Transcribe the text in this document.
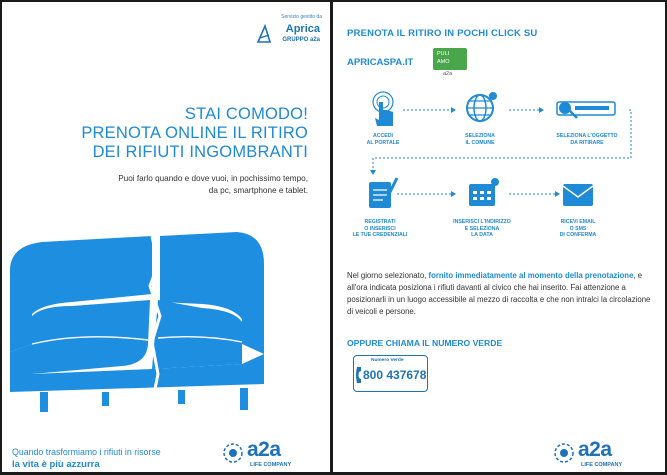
Servizio gestito da
Aprica
GRUPPO a2a
STAI COMODO!
PRENOTA ONLINE IL RITIRO
DEI RIFIUTI INGOMBRANTI
Puoi farlo quando e dove vuoi, in pochissimo tempo,
da pc, smartphone e tablet.
Quando trasformiamo i rifiuti in risorse
la vita è più azzurra
a2a
LIFE COMPANY
PRENOTA IL RITIRO IN POCHI CLICK SU
APRICASPA.IT
PULI
AMO
a2a
ACCEDI
AL PORTALE
SELEZIONA
IL COMUNE
SELEZIONA L'OGGETTO
DA RITIRARE
REGISTRATI
O INSERISCI
LE TUE CREDENZIALI
INSERISCI L'INDIRIZZO
E SELEZIONA
LA DATA
RICEVI EMAIL
O SMS
DI CONFERMA
Nel giorno selezionato, fornito immediatamente al momento della prenotazione, e all'ora indicata posiziona i rifiuti davanti al civico che hai inserito. Fai attenzione a posizionarli in un luogo accessibile al mezzo di raccolta e che non intralci la circolazione di veicoli e persone.
OPPURE CHIAMA IL NUMERO VERDE
Numero Verde
800 437678
a2a
LIFE COMPANY
